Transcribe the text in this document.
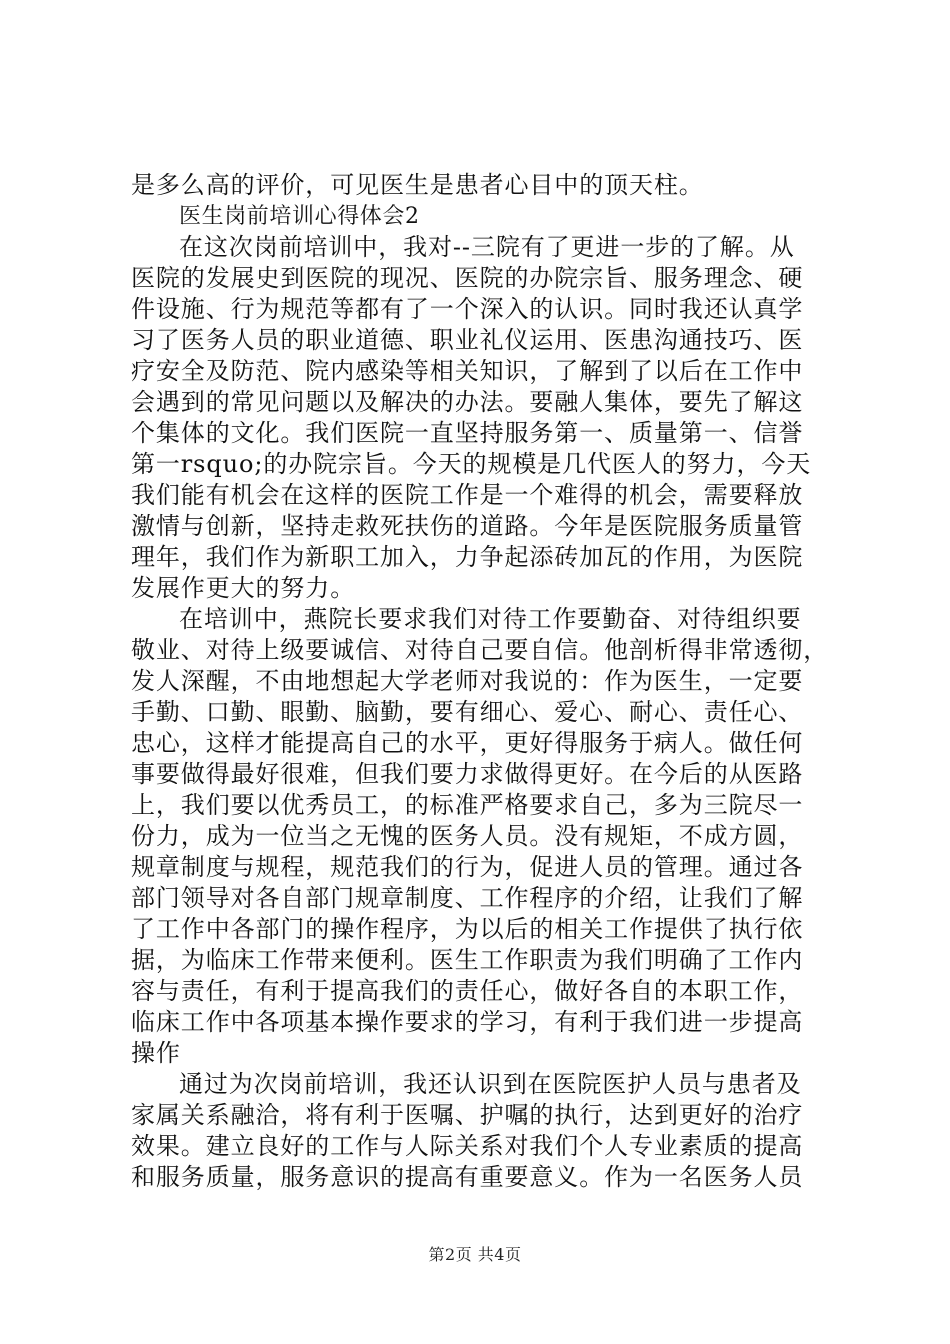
是多么高的评价，可见医生是患者心目中的顶天柱。
医生岗前培训心得体会2
在这次岗前培训中，我对--三院有了更进一步的了解。从
医院的发展史到医院的现况、医院的办院宗旨、服务理念、硬
件设施、行为规范等都有了一个深入的认识。同时我还认真学
习了医务人员的职业道德、职业礼仪运用、医患沟通技巧、医
疗安全及防范、院内感染等相关知识，了解到了以后在工作中
会遇到的常见问题以及解决的办法。要融人集体，要先了解这
个集体的文化。我们医院一直坚持服务第一、质量第一、信誉
第一rsquo;的办院宗旨。今天的规模是几代医人的努力，今天
我们能有机会在这样的医院工作是一个难得的机会，需要释放
激情与创新，坚持走救死扶伤的道路。今年是医院服务质量管
理年，我们作为新职工加入，力争起添砖加瓦的作用，为医院
发展作更大的努力。
在培训中，燕院长要求我们对待工作要勤奋、对待组织要
敬业、对待上级要诚信、对待自己要自信。他剖析得非常透彻，
发人深醒，不由地想起大学老师对我说的：作为医生，一定要
手勤、口勤、眼勤、脑勤，要有细心、爱心、耐心、责任心、
忠心，这样才能提高自己的水平，更好得服务于病人。做任何
事要做得最好很难，但我们要力求做得更好。在今后的从医路
上，我们要以优秀员工，的标准严格要求自己，多为三院尽一
份力，成为一位当之无愧的医务人员。没有规矩，不成方圆，
规章制度与规程，规范我们的行为，促进人员的管理。通过各
部门领导对各自部门规章制度、工作程序的介绍，让我们了解
了工作中各部门的操作程序，为以后的相关工作提供了执行依
据，为临床工作带来便利。医生工作职责为我们明确了工作内
容与责任，有利于提高我们的责任心，做好各自的本职工作，
临床工作中各项基本操作要求的学习，有利于我们进一步提高
操作
通过为次岗前培训，我还认识到在医院医护人员与患者及
家属关系融洽，将有利于医嘱、护嘱的执行，达到更好的治疗
效果。建立良好的工作与人际关系对我们个人专业素质的提高
和服务质量，服务意识的提高有重要意义。作为一名医务人员
第2页 共4页
